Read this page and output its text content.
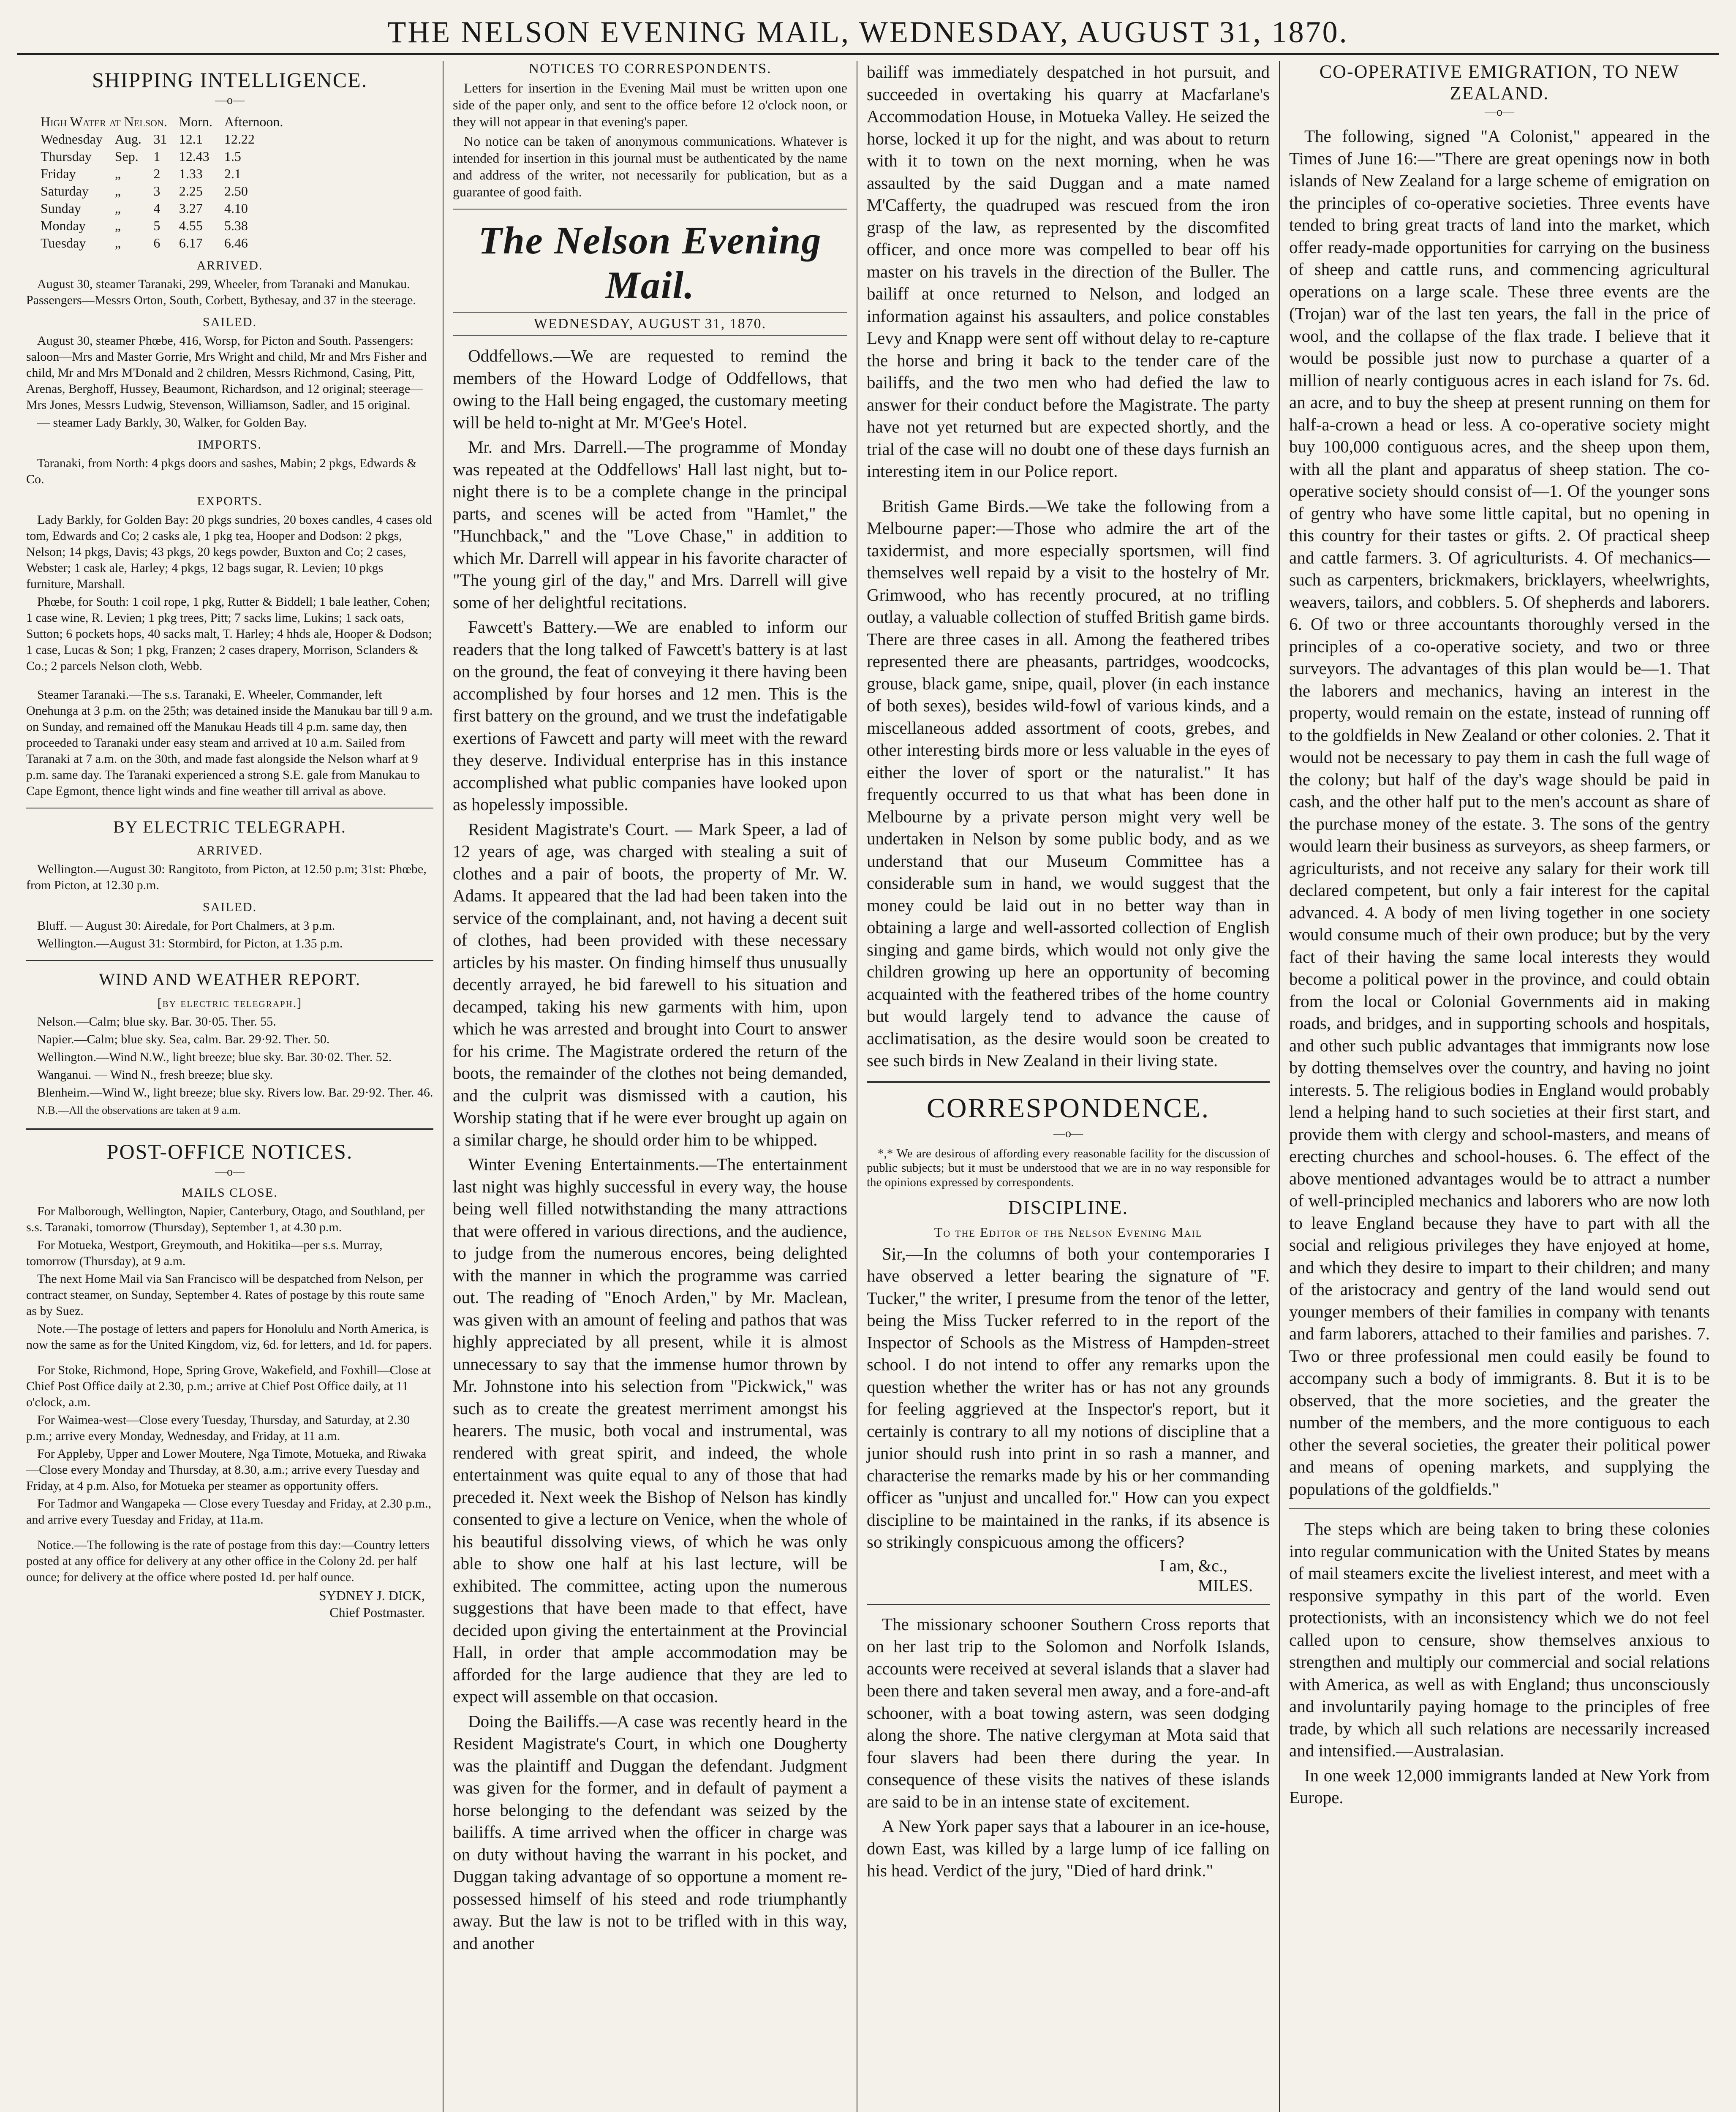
THE NELSON EVENING MAIL, WEDNESDAY, AUGUST 31, 1870.
SHIPPING INTELLIGENCE.
—o—
High Water at Nelson.			Morn.	Afternoon.
Wednesday	Aug.	31	12.1	12.22
Thursday	Sep.	1	12.43	1.5
Friday	„	2	1.33	2.1
Saturday	„	3	2.25	2.50
Sunday	„	4	3.27	4.10
Monday	„	5	4.55	5.38
Tuesday	„	6	6.17	6.46
ARRIVED.

August 30, steamer Taranaki, 299, Wheeler, from Taranaki and Manukau. Passengers—Messrs Orton, South, Corbett, Bythesay, and 37 in the steerage.

SAILED.

August 30, steamer Phœbe, 416, Worsp, for Picton and South. Passengers: saloon—Mrs and Master Gorrie, Mrs Wright and child, Mr and Mrs Fisher and child, Mr and Mrs M'Donald and 2 children, Messrs Richmond, Casing, Pitt, Arenas, Berghoff, Hussey, Beaumont, Richardson, and 12 original; steerage—Mrs Jones, Messrs Ludwig, Stevenson, Williamson, Sadler, and 15 original.

— steamer Lady Barkly, 30, Walker, for Golden Bay.

IMPORTS.

Taranaki, from North: 4 pkgs doors and sashes, Mabin; 2 pkgs, Edwards & Co.

EXPORTS.

Lady Barkly, for Golden Bay: 20 pkgs sundries, 20 boxes candles, 4 cases old tom, Edwards and Co; 2 casks ale, 1 pkg tea, Hooper and Dodson: 2 pkgs, Nelson; 14 pkgs, Davis; 43 pkgs, 20 kegs powder, Buxton and Co; 2 cases, Webster; 1 cask ale, Harley; 4 pkgs, 12 bags sugar, R. Levien; 10 pkgs furniture, Marshall.

Phœbe, for South: 1 coil rope, 1 pkg, Rutter & Biddell; 1 bale leather, Cohen; 1 case wine, R. Levien; 1 pkg trees, Pitt; 7 sacks lime, Lukins; 1 sack oats, Sutton; 6 pockets hops, 40 sacks malt, T. Harley; 4 hhds ale, Hooper & Dodson; 1 case, Lucas & Son; 1 pkg, Franzen; 2 cases drapery, Morrison, Sclanders & Co.; 2 parcels Nelson cloth, Webb.

Steamer Taranaki.—The s.s. Taranaki, E. Wheeler, Commander, left Onehunga at 3 p.m. on the 25th; was detained inside the Manukau bar till 9 a.m. on Sunday, and remained off the Manukau Heads till 4 p.m. same day, then proceeded to Taranaki under easy steam and arrived at 10 a.m. Sailed from Taranaki at 7 a.m. on the 30th, and made fast alongside the Nelson wharf at 9 p.m. same day. The Taranaki experienced a strong S.E. gale from Manukau to Cape Egmont, thence light winds and fine weather till arrival as above.

BY ELECTRIC TELEGRAPH.
ARRIVED.

Wellington.—August 30: Rangitoto, from Picton, at 12.50 p.m; 31st: Phœbe, from Picton, at 12.30 p.m.

SAILED.

Bluff. — August 30: Airedale, for Port Chalmers, at 3 p.m.

Wellington.—August 31: Stormbird, for Picton, at 1.35 p.m.

WIND AND WEATHER REPORT.
[by electric telegraph.]

Nelson.—Calm; blue sky. Bar. 30·05. Ther. 55.

Napier.—Calm; blue sky. Sea, calm. Bar. 29·92. Ther. 50.

Wellington.—Wind N.W., light breeze; blue sky. Bar. 30·02. Ther. 52.

Wanganui. — Wind N., fresh breeze; blue sky.

Blenheim.—Wind W., light breeze; blue sky. Rivers low. Bar. 29·92. Ther. 46.

N.B.—All the observations are taken at 9 a.m.

POST-OFFICE NOTICES.
—o—
MAILS CLOSE.

For Malborough, Wellington, Napier, Canterbury, Otago, and Southland, per s.s. Taranaki, tomorrow (Thursday), September 1, at 4.30 p.m.

For Motueka, Westport, Greymouth, and Hokitika—per s.s. Murray, tomorrow (Thursday), at 9 a.m.

The next Home Mail via San Francisco will be despatched from Nelson, per contract steamer, on Sunday, September 4. Rates of postage by this route same as by Suez.

Note.—The postage of letters and papers for Honolulu and North America, is now the same as for the United Kingdom, viz, 6d. for letters, and 1d. for papers.

For Stoke, Richmond, Hope, Spring Grove, Wakefield, and Foxhill—Close at Chief Post Office daily at 2.30, p.m.; arrive at Chief Post Office daily, at 11 o'clock, a.m.

For Waimea-west—Close every Tuesday, Thursday, and Saturday, at 2.30 p.m.; arrive every Monday, Wednesday, and Friday, at 11 a.m.

For Appleby, Upper and Lower Moutere, Nga Timote, Motueka, and Riwaka—Close every Monday and Thursday, at 8.30, a.m.; arrive every Tuesday and Friday, at 4 p.m. Also, for Motueka per steamer as opportunity offers.

For Tadmor and Wangapeka — Close every Tuesday and Friday, at 2.30 p.m., and arrive every Tuesday and Friday, at 11a.m.

Notice.—The following is the rate of postage from this day:—Country letters posted at any office for delivery at any other office in the Colony 2d. per half ounce; for delivery at the office where posted 1d. per half ounce.

SYDNEY J. DICK,
Chief Postmaster.
NOTICES TO CORRESPONDENTS.

Letters for insertion in the Evening Mail must be written upon one side of the paper only, and sent to the office before 12 o'clock noon, or they will not appear in that evening's paper.

No notice can be taken of anonymous communications. Whatever is intended for insertion in this journal must be authenticated by the name and address of the writer, not necessarily for publication, but as a guarantee of good faith.

The Nelson Evening Mail.
WEDNESDAY, AUGUST 31, 1870.

Oddfellows.—We are requested to remind the members of the Howard Lodge of Oddfellows, that owing to the Hall being engaged, the customary meeting will be held to-night at Mr. M'Gee's Hotel.

Mr. and Mrs. Darrell.—The programme of Monday was repeated at the Oddfellows' Hall last night, but to-night there is to be a complete change in the principal parts, and scenes will be acted from "Hamlet," the "Hunchback," and the "Love Chase," in addition to which Mr. Darrell will appear in his favorite character of "The young girl of the day," and Mrs. Darrell will give some of her delightful recitations.

Fawcett's Battery.—We are enabled to inform our readers that the long talked of Fawcett's battery is at last on the ground, the feat of conveying it there having been accomplished by four horses and 12 men. This is the first battery on the ground, and we trust the indefatigable exertions of Fawcett and party will meet with the reward they deserve. Individual enterprise has in this instance accomplished what public companies have looked upon as hopelessly impossible.

Resident Magistrate's Court. — Mark Speer, a lad of 12 years of age, was charged with stealing a suit of clothes and a pair of boots, the property of Mr. W. Adams. It appeared that the lad had been taken into the service of the complainant, and, not having a decent suit of clothes, had been provided with these necessary articles by his master. On finding himself thus unusually decently arrayed, he bid farewell to his situation and decamped, taking his new garments with him, upon which he was arrested and brought into Court to answer for his crime. The Magistrate ordered the return of the boots, the remainder of the clothes not being demanded, and the culprit was dismissed with a caution, his Worship stating that if he were ever brought up again on a similar charge, he should order him to be whipped.

Winter Evening Entertainments.—The entertainment last night was highly successful in every way, the house being well filled notwithstanding the many attractions that were offered in various directions, and the audience, to judge from the numerous encores, being delighted with the manner in which the programme was carried out. The reading of "Enoch Arden," by Mr. Maclean, was given with an amount of feeling and pathos that was highly appreciated by all present, while it is almost unnecessary to say that the immense humor thrown by Mr. Johnstone into his selection from "Pickwick," was such as to create the greatest merriment amongst his hearers. The music, both vocal and instrumental, was rendered with great spirit, and indeed, the whole entertainment was quite equal to any of those that had preceded it. Next week the Bishop of Nelson has kindly consented to give a lecture on Venice, when the whole of his beautiful dissolving views, of which he was only able to show one half at his last lecture, will be exhibited. The committee, acting upon the numerous suggestions that have been made to that effect, have decided upon giving the entertainment at the Provincial Hall, in order that ample accommodation may be afforded for the large audience that they are led to expect will assemble on that occasion.

Doing the Bailiffs.—A case was recently heard in the Resident Magistrate's Court, in which one Dougherty was the plaintiff and Duggan the defendant. Judgment was given for the former, and in default of payment a horse belonging to the defendant was seized by the bailiffs. A time arrived when the officer in charge was on duty without having the warrant in his pocket, and Duggan taking advantage of so opportune a moment re-possessed himself of his steed and rode triumphantly away. But the law is not to be trifled with in this way, and another

bailiff was immediately despatched in hot pursuit, and succeeded in overtaking his quarry at Macfarlane's Accommodation House, in Motueka Valley. He seized the horse, locked it up for the night, and was about to return with it to town on the next morning, when he was assaulted by the said Duggan and a mate named M'Cafferty, the quadruped was rescued from the iron grasp of the law, as represented by the discomfited officer, and once more was compelled to bear off his master on his travels in the direction of the Buller. The bailiff at once returned to Nelson, and lodged an information against his assaulters, and police constables Levy and Knapp were sent off without delay to re-capture the horse and bring it back to the tender care of the bailiffs, and the two men who had defied the law to answer for their conduct before the Magistrate. The party have not yet returned but are expected shortly, and the trial of the case will no doubt one of these days furnish an interesting item in our Police report.

British Game Birds.—We take the following from a Melbourne paper:—Those who admire the art of the taxidermist, and more especially sportsmen, will find themselves well repaid by a visit to the hostelry of Mr. Grimwood, who has recently procured, at no trifling outlay, a valuable collection of stuffed British game birds. There are three cases in all. Among the feathered tribes represented there are pheasants, partridges, woodcocks, grouse, black game, snipe, quail, plover (in each instance of both sexes), besides wild-fowl of various kinds, and a miscellaneous added assortment of coots, grebes, and other interesting birds more or less valuable in the eyes of either the lover of sport or the naturalist." It has frequently occurred to us that what has been done in Melbourne by a private person might very well be undertaken in Nelson by some public body, and as we understand that our Museum Committee has a considerable sum in hand, we would suggest that the money could be laid out in no better way than in obtaining a large and well-assorted collection of English singing and game birds, which would not only give the children growing up here an opportunity of becoming acquainted with the feathered tribes of the home country but would largely tend to advance the cause of acclimatisation, as the desire would soon be created to see such birds in New Zealand in their living state.

CORRESPONDENCE.
—o—

*,* We are desirous of affording every reasonable facility for the discussion of public subjects; but it must be understood that we are in no way responsible for the opinions expressed by correspondents.

DISCIPLINE.
To the Editor of the Nelson Evening Mail

Sir,—In the columns of both your contemporaries I have observed a letter bearing the signature of "F. Tucker," the writer, I presume from the tenor of the letter, being the Miss Tucker referred to in the report of the Inspector of Schools as the Mistress of Hampden-street school. I do not intend to offer any remarks upon the question whether the writer has or has not any grounds for feeling aggrieved at the Inspector's report, but it certainly is contrary to all my notions of discipline that a junior should rush into print in so rash a manner, and characterise the remarks made by his or her commanding officer as "unjust and uncalled for." How can you expect discipline to be maintained in the ranks, if its absence is so strikingly conspicuous among the officers?

I am, &c.,
MILES.

The missionary schooner Southern Cross reports that on her last trip to the Solomon and Norfolk Islands, accounts were received at several islands that a slaver had been there and taken several men away, and a fore-and-aft schooner, with a boat towing astern, was seen dodging along the shore. The native clergyman at Mota said that four slavers had been there during the year. In consequence of these visits the natives of these islands are said to be in an intense state of excitement.

A New York paper says that a labourer in an ice-house, down East, was killed by a large lump of ice falling on his head. Verdict of the jury, "Died of hard drink."

CO-OPERATIVE EMIGRATION, TO NEW ZEALAND.
—o—

The following, signed "A Colonist," appeared in the Times of June 16:—"There are great openings now in both islands of New Zealand for a large scheme of emigration on the principles of co-operative societies. Three events have tended to bring great tracts of land into the market, which offer ready-made opportunities for carrying on the business of sheep and cattle runs, and commencing agricultural operations on a large scale. These three events are the (Trojan) war of the last ten years, the fall in the price of wool, and the collapse of the flax trade. I believe that it would be possible just now to purchase a quarter of a million of nearly contiguous acres in each island for 7s. 6d. an acre, and to buy the sheep at present running on them for half-a-crown a head or less. A co-operative society might buy 100,000 contiguous acres, and the sheep upon them, with all the plant and apparatus of sheep station. The co-operative society should consist of—1. Of the younger sons of gentry who have some little capital, but no opening in this country for their tastes or gifts. 2. Of practical sheep and cattle farmers. 3. Of agriculturists. 4. Of mechanics—such as carpenters, brickmakers, bricklayers, wheelwrights, weavers, tailors, and cobblers. 5. Of shepherds and laborers. 6. Of two or three accountants thoroughly versed in the principles of a co-operative society, and two or three surveyors. The advantages of this plan would be—1. That the laborers and mechanics, having an interest in the property, would remain on the estate, instead of running off to the goldfields in New Zealand or other colonies. 2. That it would not be necessary to pay them in cash the full wage of the colony; but half of the day's wage should be paid in cash, and the other half put to the men's account as share of the purchase money of the estate. 3. The sons of the gentry would learn their business as surveyors, as sheep farmers, or agriculturists, and not receive any salary for their work till declared competent, but only a fair interest for the capital advanced. 4. A body of men living together in one society would consume much of their own produce; but by the very fact of their having the same local interests they would become a political power in the province, and could obtain from the local or Colonial Governments aid in making roads, and bridges, and in supporting schools and hospitals, and other such public advantages that immigrants now lose by dotting themselves over the country, and having no joint interests. 5. The religious bodies in England would probably lend a helping hand to such societies at their first start, and provide them with clergy and school-masters, and means of erecting churches and school-houses. 6. The effect of the above mentioned advantages would be to attract a number of well-principled mechanics and laborers who are now loth to leave England because they have to part with all the social and religious privileges they have enjoyed at home, and which they desire to impart to their children; and many of the aristocracy and gentry of the land would send out younger members of their families in company with tenants and farm laborers, attached to their families and parishes. 7. Two or three professional men could easily be found to accompany such a body of immigrants. 8. But it is to be observed, that the more societies, and the greater the number of the members, and the more contiguous to each other the several societies, the greater their political power and means of opening markets, and supplying the populations of the goldfields."

The steps which are being taken to bring these colonies into regular communication with the United States by means of mail steamers excite the liveliest interest, and meet with a responsive sympathy in this part of the world. Even protectionists, with an inconsistency which we do not feel called upon to censure, show themselves anxious to strengthen and multiply our commercial and social relations with America, as well as with England; thus unconsciously and involuntarily paying homage to the principles of free trade, by which all such relations are necessarily increased and intensified.—Australasian.

In one week 12,000 immigrants landed at New York from Europe.
